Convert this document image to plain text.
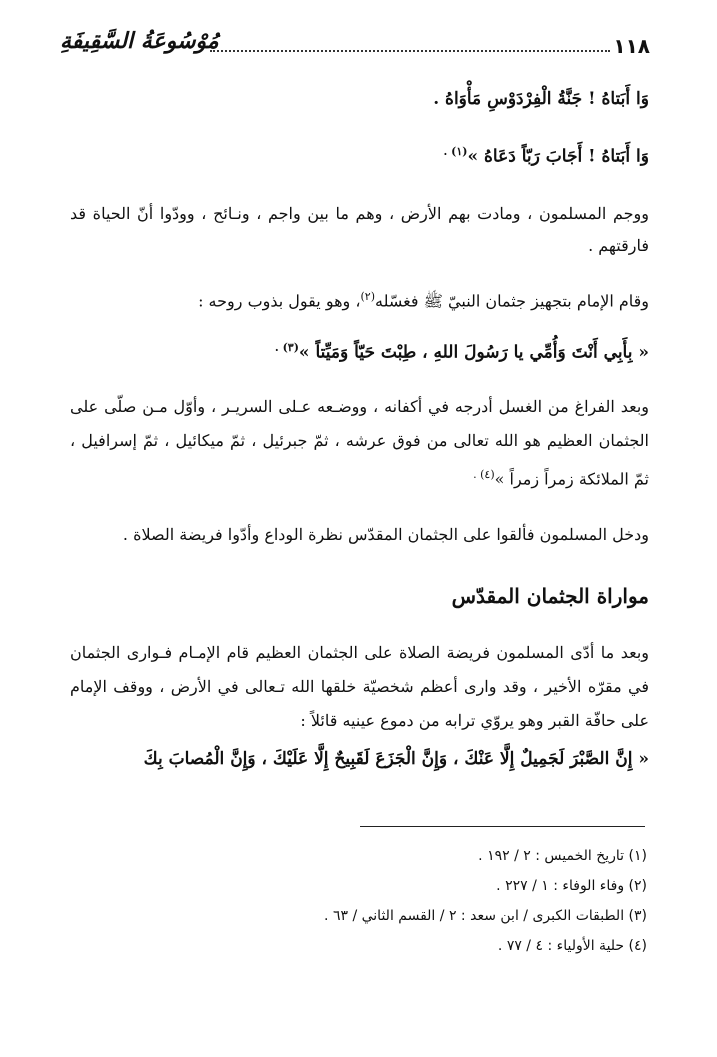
١١٨
مُوْسُوعَةُ السَّقِيفَةِ
وَا أَبَتاهُ ! جَنَّةُ الْفِرْدَوْسِ مَأْوَاهُ .
وَا أَبَتاهُ ! أَجَابَ رَبّاً دَعَاهُ »$^{(١) .}$
ووجم المسلمون ، ومادت بهم الأرض ، وهم ما بين واجم ، ونـائح ، وودّوا أنّ الحياة قد فارقتهم .
وقام الإمام بتجهيز جثمان النبيّ ﷺ فغسّله$^{(٢)}$، وهو يقول بذوب روحه :
« بِأَبِي أَنْتَ وَأُمِّي يا رَسُولَ اللهِ ، طِبْتَ حَيّاً وَمَيِّتاً »$^{(٣) .}$
وبعد الفراغ من الغسل أدرجه في أكفانه ، ووضـعه عـلى السريـر ، وأوّل مـن صلّى على الجثمان العظيم هو الله تعالى من فوق عرشه ، ثمّ جبرئيل ، ثمّ ميكائيل ، ثمّ إسرافيل ، ثمّ الملائكة زمراً زمراً »$^{(٤) .}$
ودخل المسلمون فألقوا على الجثمان المقدّس نظرة الوداع وأدّوا فريضة الصلاة .
مواراة الجثمان المقدّس
وبعد ما أدّى المسلمون فريضة الصلاة على الجثمان العظيم قام الإمـام فـوارى الجثمان في مقرّه الأخير ، وقد وارى أعظم شخصيّة خلقها الله تـعالى في الأرض ، ووقف الإمام على حافّة القبر وهو يروّي ترابه من دموع عينيه قائلاً :
« إِنَّ الصَّبْرَ لَجَمِيلٌ إِلَّا عَنْكَ ، وَإِنَّ الْجَزَعَ لَقَبِيحٌ إِلَّا عَلَيْكَ ، وَإِنَّ الْمُصابَ بِكَ
(١) تاريخ الخميس : ٢ / ١٩٢ .
(٢) وفاء الوفاء : ١ / ٢٢٧ .
(٣) الطبقات الكبرى / ابن سعد : ٢ / القسم الثاني / ٦٣ .
(٤) حلية الأولياء : ٤ / ٧٧ .
